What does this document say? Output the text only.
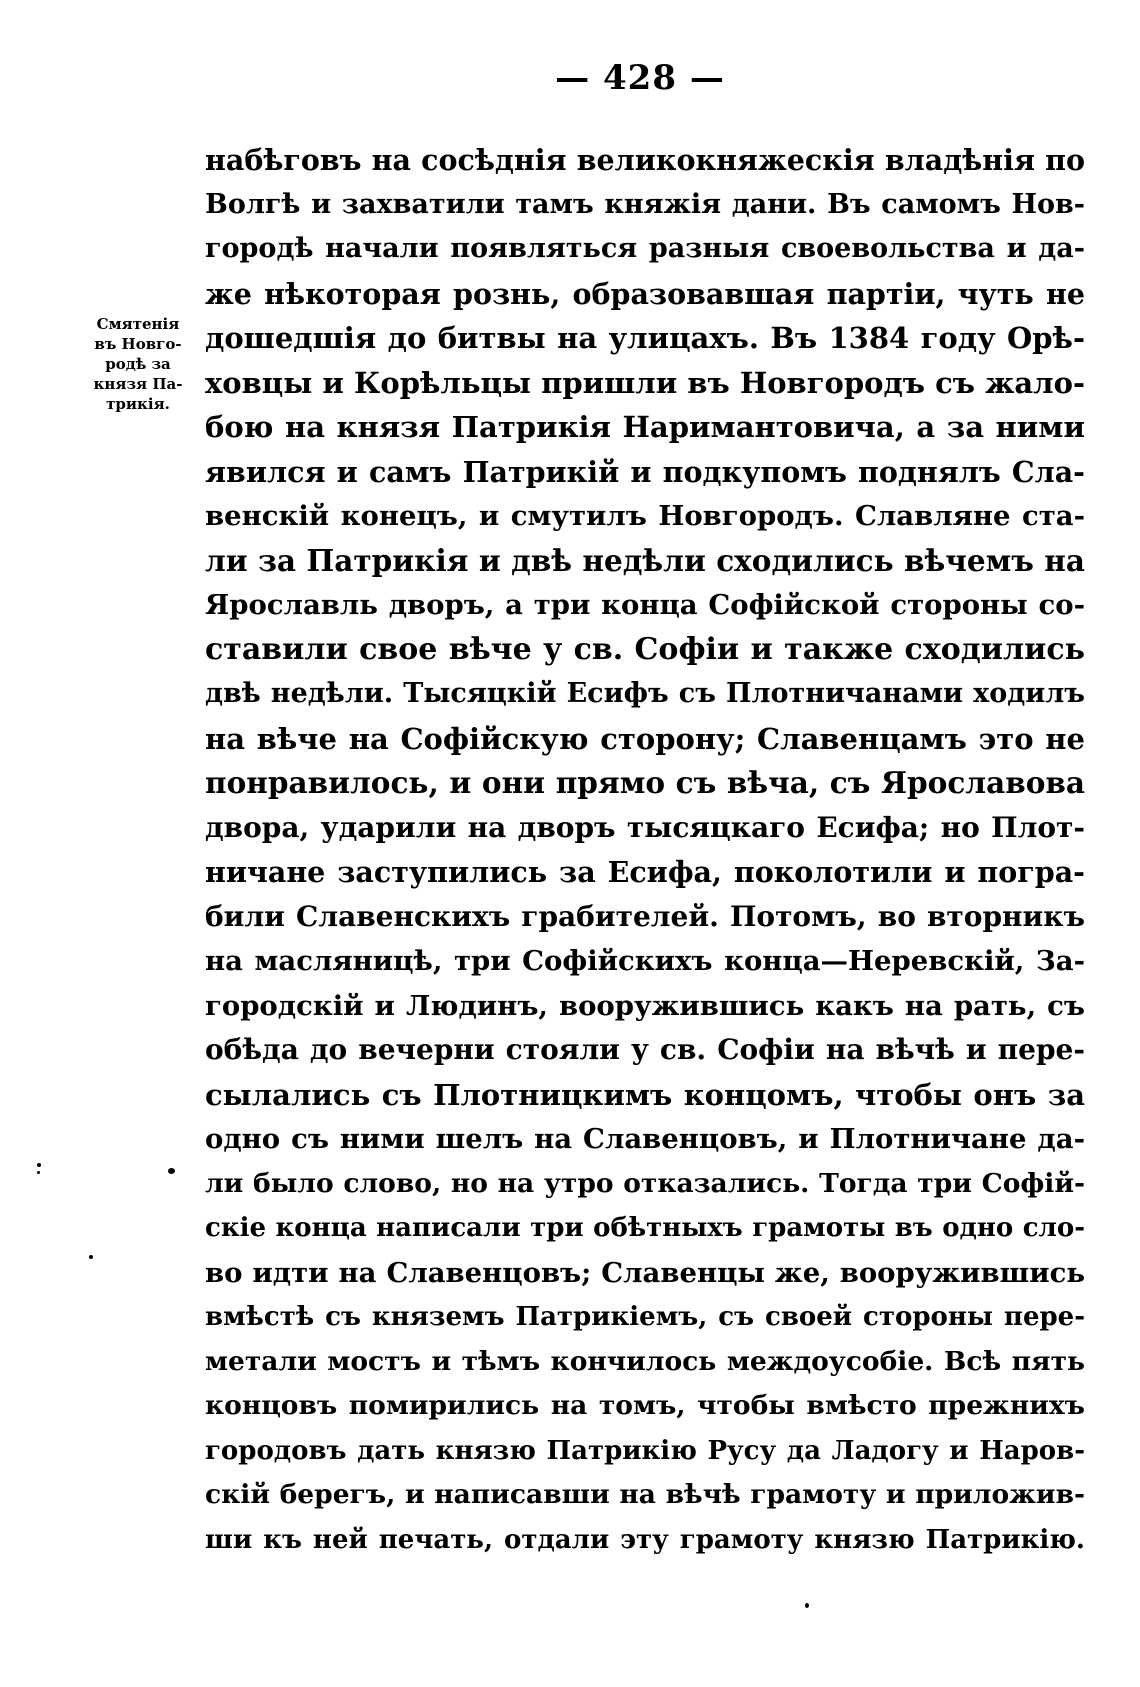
— 428 —
Смятенія
въ Новго-
родѣ за
князя Па-
трикія.
набѣговъ на сосѣднія великокняжескія владѣнія по
Волгѣ и захватили тамъ княжія дани. Въ самомъ Нов-
городѣ начали появляться разныя своевольства и да-
же нѣкоторая рознь, образовавшая партіи, чуть не
дошедшія до битвы на улицахъ. Въ 1384 году Орѣ-
ховцы и Корѣльцы пришли въ Новгородъ съ жало-
бою на князя Патрикія Наримантовича, а за ними
явился и самъ Патрикій и подкупомъ поднялъ Сла-
венскій конецъ, и смутилъ Новгородъ. Славляне ста-
ли за Патрикія и двѣ недѣли сходились вѣчемъ на
Ярославль дворъ, а три конца Софійской стороны со-
ставили свое вѣче у св. Софіи и также сходились
двѣ недѣли. Тысяцкій Есифъ съ Плотничанами ходилъ
на вѣче на Софійскую сторону; Славенцамъ это не
понравилось, и они прямо съ вѣча, съ Ярославова
двора, ударили на дворъ тысяцкаго Есифа; но Плот-
ничане заступились за Есифа, поколотили и погра-
били Славенскихъ грабителей. Потомъ, во вторникъ
на масляницѣ, три Софійскихъ конца—Неревскій, За-
городскій и Людинъ, вооружившись какъ на рать, съ
обѣда до вечерни стояли у св. Софіи на вѣчѣ и пере-
сылались съ Плотницкимъ концомъ, чтобы онъ за
одно съ ними шелъ на Славенцовъ, и Плотничане да-
ли было слово, но на утро отказались. Тогда три Софій-
скіе конца написали три обѣтныхъ грамоты въ одно сло-
во идти на Славенцовъ; Славенцы же, вооружившись
вмѣстѣ съ княземъ Патрикіемъ, съ своей стороны пере-
метали мостъ и тѣмъ кончилось междоусобіе. Всѣ пять
концовъ помирились на томъ, чтобы вмѣсто прежнихъ
городовъ дать князю Патрикію Русу да Ладогу и Наров-
скій берегъ, и написавши на вѣчѣ грамоту и приложив-
ши къ ней печать, отдали эту грамоту князю Патрикію.
